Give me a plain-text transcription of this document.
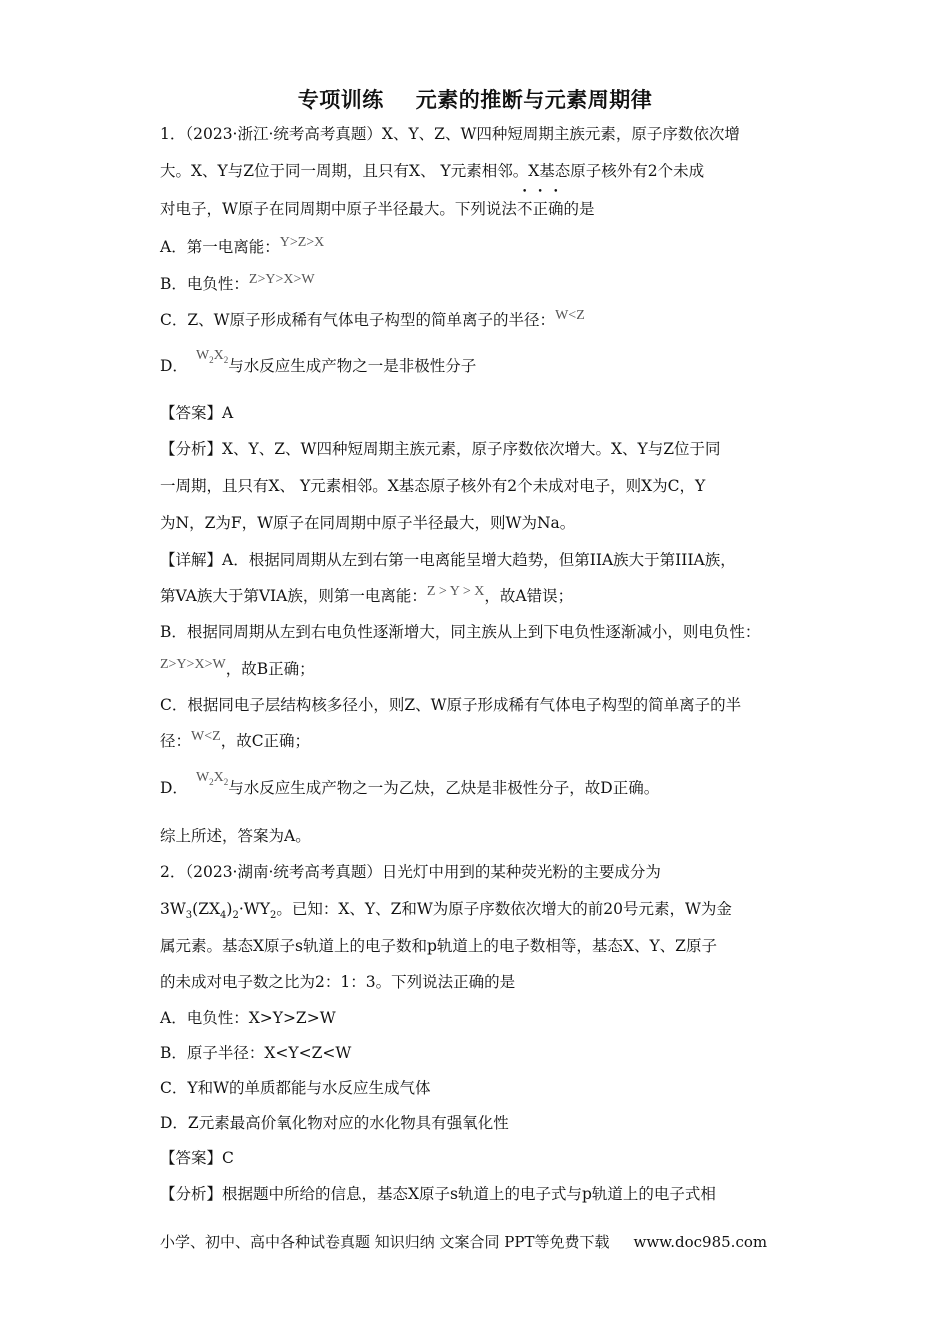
专项训练 元素的推断与元素周期律
1．（2023·浙江·统考高考真题）X、Y、Z、W四种短周期主族元素，原子序数依次增
大。X、Y与Z位于同一周期，且只有X、 Y元素相邻。X基态原子核外有2个未成
对电子，W原子在同周期中原子半径最大。下列说法不正确的是
A．第一电离能：Y>Z>X
B．电负性：Z>Y>X>W
C．Z、W原子形成稀有气体电子构型的简单离子的半径：W<Z
D．$W_2X_2$与水反应生成产物之一是非极性分子
【答案】A
【分析】X、Y、Z、W四种短周期主族元素，原子序数依次增大。X、Y与Z位于同
一周期，且只有X、 Y元素相邻。X基态原子核外有2个未成对电子，则X为C，Y
为N，Z为F，W原子在同周期中原子半径最大，则W为Na。
【详解】A．根据同周期从左到右第一电离能呈增大趋势，但第IIA族大于第IIIA族，
第VA族大于第VIA族，则第一电离能：Z > Y > X，故A错误；
B．根据同周期从左到右电负性逐渐增大，同主族从上到下电负性逐渐减小，则电负性：
Z>Y>X>W，故B正确；
C．根据同电子层结构核多径小，则Z、W原子形成稀有气体电子构型的简单离子的半
径：W<Z，故C正确；
D．$W_2X_2$与水反应生成产物之一为乙炔，乙炔是非极性分子，故D正确。
综上所述，答案为A。
2．（2023·湖南·统考高考真题）日光灯中用到的某种荧光粉的主要成分为
$3W_3(ZX_4)_2\cdot WY_2$。已知：X、Y、Z和W为原子序数依次增大的前20号元素，W为金
属元素。基态X原子s轨道上的电子数和p轨道上的电子数相等，基态X、Y、Z原子
的未成对电子数之比为2：1：3。下列说法正确的是
A．电负性：X>Y>Z>W
B．原子半径：X<Y<Z<W
C．Y和W的单质都能与水反应生成气体
D．Z元素最高价氧化物对应的水化物具有强氧化性
【答案】C
【分析】根据题中所给的信息，基态X原子s轨道上的电子式与p轨道上的电子式相
小学、初中、高中各种试卷真题 知识归纳 文案合同 PPT等免费下载 www.doc985.com
